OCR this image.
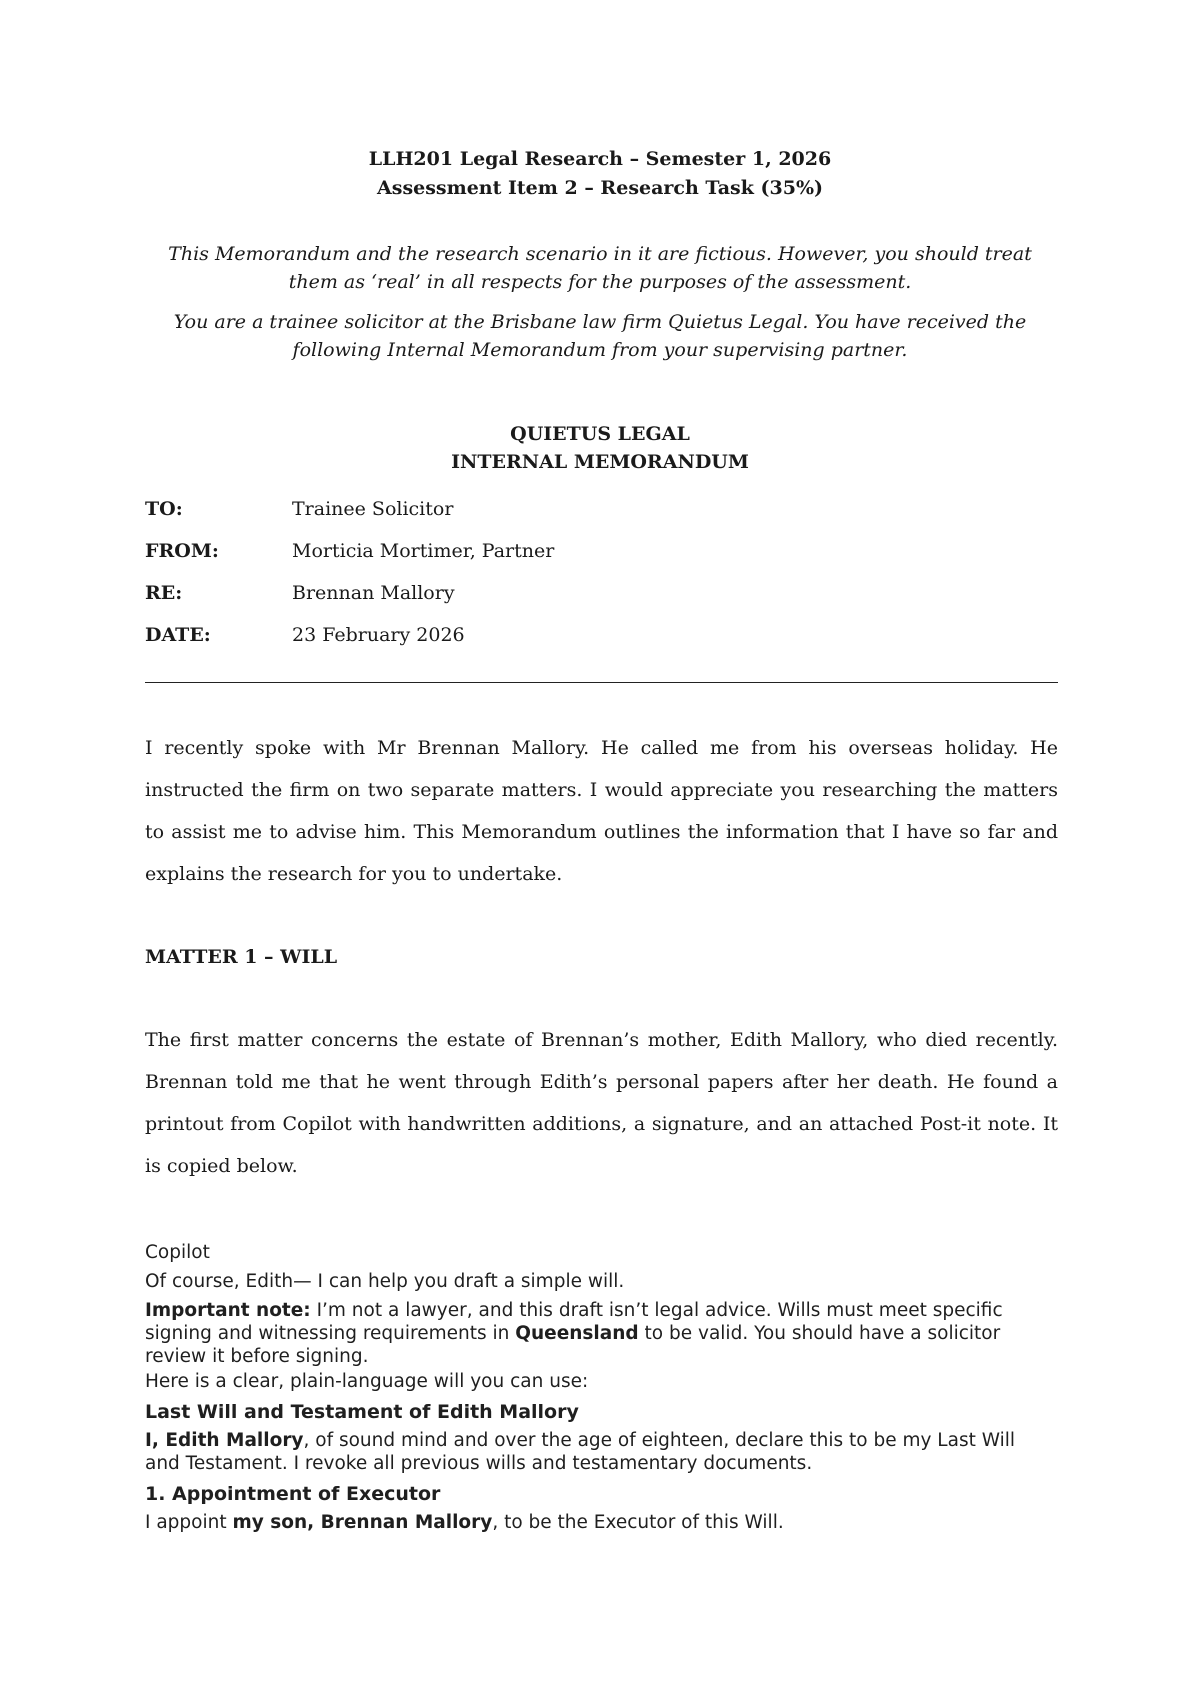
LLH201 Legal Research – Semester 1, 2026
Assessment Item 2 – Research Task (35%)
This Memorandum and the research scenario in it are fictious. However, you should treat them as ‘real’ in all respects for the purposes of the assessment.
You are a trainee solicitor at the Brisbane law firm Quietus Legal. You have received the following Internal Memorandum from your supervising partner.
QUIETUS LEGAL
INTERNAL MEMORANDUM
TO:	Trainee Solicitor
FROM:	Morticia Mortimer, Partner
RE:	Brennan Mallory
DATE:	23 February 2026
I recently spoke with Mr Brennan Mallory. He called me from his overseas holiday. He instructed the firm on two separate matters. I would appreciate you researching the matters to assist me to advise him. This Memorandum outlines the information that I have so far and explains the research for you to undertake.
MATTER 1 – WILL
The first matter concerns the estate of Brennan’s mother, Edith Mallory, who died recently. Brennan told me that he went through Edith’s personal papers after her death. He found a printout from Copilot with handwritten additions, a signature, and an attached Post-it note. It is copied below.
Copilot
Of course, Edith— I can help you draft a simple will.
Important note: I’m not a lawyer, and this draft isn’t legal advice. Wills must meet specific signing and witnessing requirements in Queensland to be valid. You should have a solicitor review it before signing.
Here is a clear, plain-language will you can use:
Last Will and Testament of Edith Mallory
I, Edith Mallory, of sound mind and over the age of eighteen, declare this to be my Last Will and Testament. I revoke all previous wills and testamentary documents.
1. Appointment of Executor
I appoint my son, Brennan Mallory, to be the Executor of this Will.
